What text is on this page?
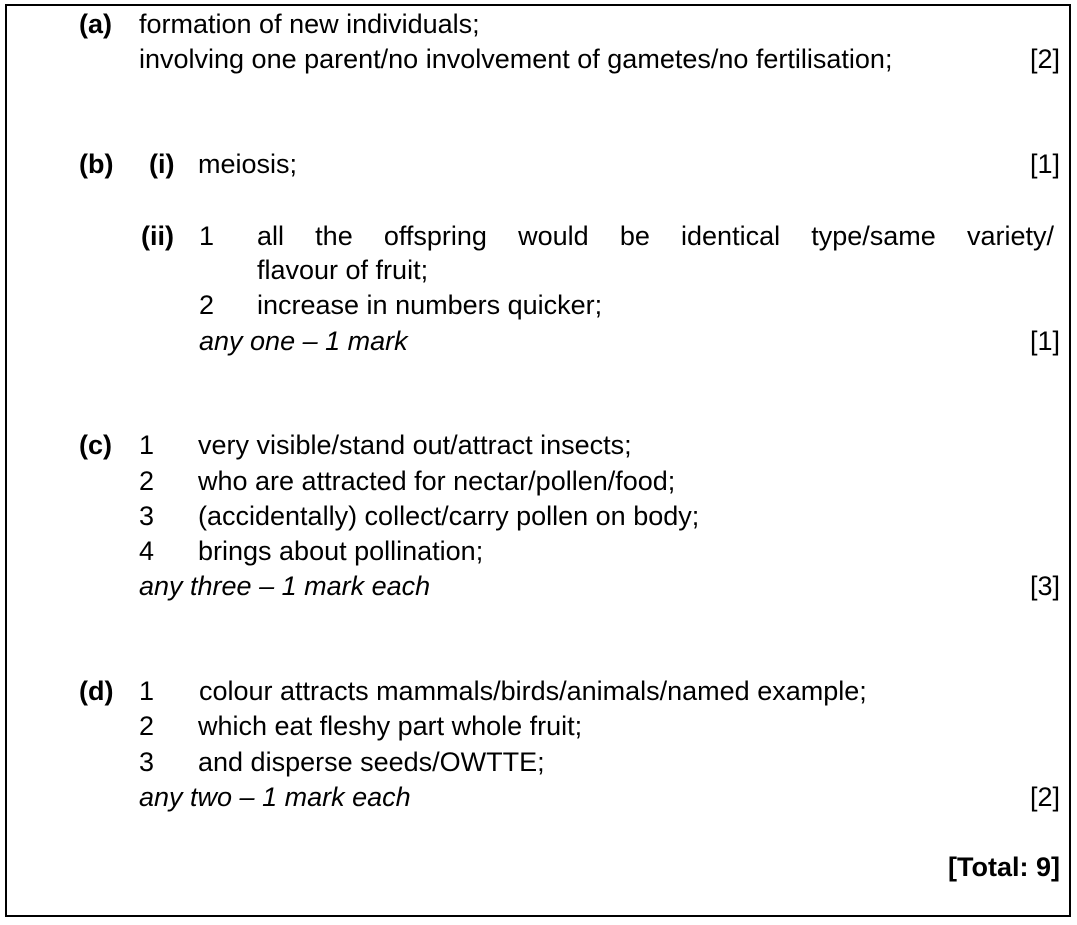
(a) formation of new individuals;
involving one parent/no involvement of gametes/no fertilisation;	[2]
(b) (i) meiosis;	[1]
(ii) 1 all the offspring would be identical type/same variety/
flavour of fruit;
2 increase in numbers quicker;
any one – 1 mark	[1]
(c) 1 very visible/stand out/attract insects;
2 who are attracted for nectar/pollen/food;
3 (accidentally) collect/carry pollen on body;
4 brings about pollination;
any three – 1 mark each	[3]
(d) 1 colour attracts mammals/birds/animals/named example;
2 which eat fleshy part whole fruit;
3 and disperse seeds/OWTTE;
any two – 1 mark each	[2]
[Total: 9]
